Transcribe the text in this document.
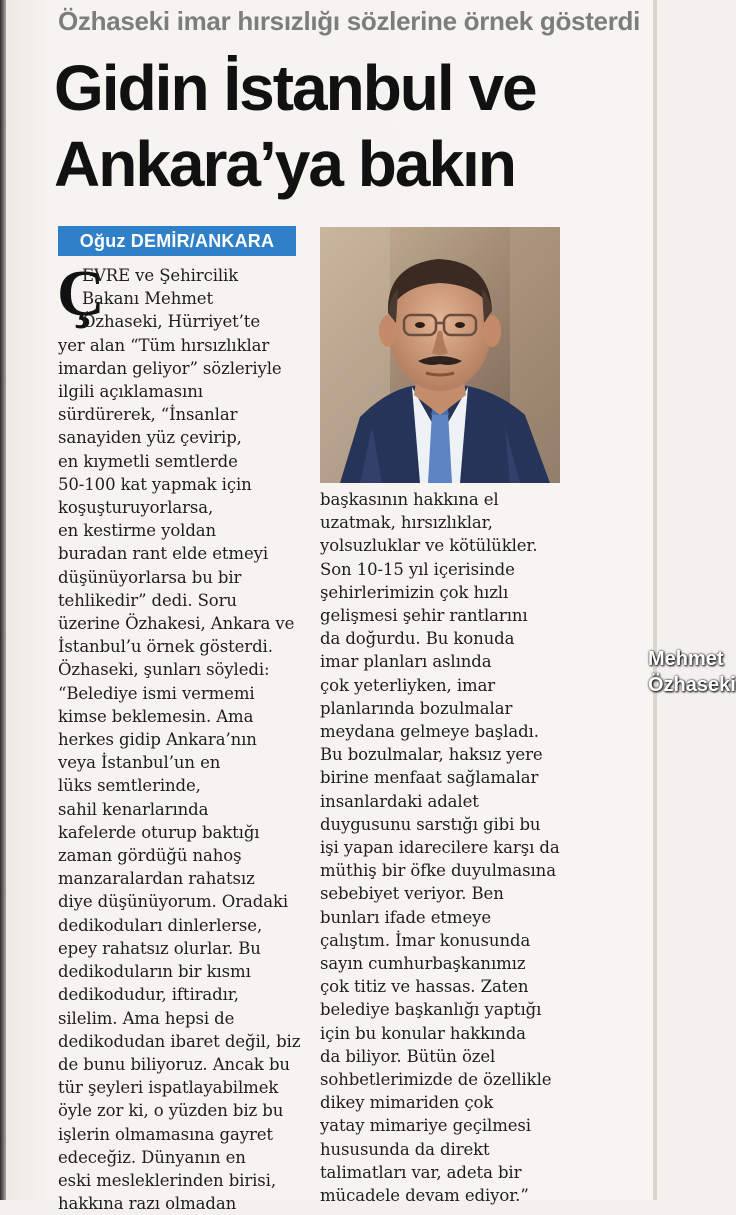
Özhaseki imar hırsızlığı sözlerine örnek gösterdi
Gidin İstanbul ve
Ankara’ya bakın
Oğuz DEMİR/ANKARA
Mehmet
Özhaseki
Ç
EVRE ve Şehircilik
Bakanı Mehmet
Özhaseki, Hürriyet’te
yer alan “Tüm hırsızlıklar
imardan geliyor” sözleriyle
ilgili açıklamasını
sürdürerek, “İnsanlar
sanayiden yüz çevirip,
en kıymetli semtlerde
50-100 kat yapmak için
koşuşturuyorlarsa,
en kestirme yoldan
buradan rant elde etmeyi
düşünüyorlarsa bu bir
tehlikedir” dedi. Soru
üzerine Özhakesi, Ankara ve
İstanbul’u örnek gösterdi.
Özhaseki, şunları söyledi:
“Belediye ismi vermemi
kimse beklemesin. Ama
herkes gidip Ankara’nın
veya İstanbul’un en
lüks semtlerinde,
sahil kenarlarında
kafelerde oturup baktığı
zaman gördüğü nahoş
manzaralardan rahatsız
diye düşünüyorum. Oradaki
dedikoduları dinlerlerse,
epey rahatsız olurlar. Bu
dedikoduların bir kısmı
dedikodudur, iftiradır,
silelim. Ama hepsi de
dedikodudan ibaret değil, biz
de bunu biliyoruz. Ancak bu
tür şeyleri ispatlayabilmek
öyle zor ki, o yüzden biz bu
işlerin olmamasına gayret
edeceğiz. Dünyanın en
eski mesleklerinden birisi,
hakkına razı olmadan
başkasının hakkına el
uzatmak, hırsızlıklar,
yolsuzluklar ve kötülükler.
Son 10-15 yıl içerisinde
şehirlerimizin çok hızlı
gelişmesi şehir rantlarını
da doğurdu. Bu konuda
imar planları aslında
çok yeterliyken, imar
planlarında bozulmalar
meydana gelmeye başladı.
Bu bozulmalar, haksız yere
birine menfaat sağlamalar
insanlardaki adalet
duygusunu sarstığı gibi bu
işi yapan idarecilere karşı da
müthiş bir öfke duyulmasına
sebebiyet veriyor. Ben
bunları ifade etmeye
çalıştım. İmar konusunda
sayın cumhurbaşkanımız
çok titiz ve hassas. Zaten
belediye başkanlığı yaptığı
için bu konular hakkında
da biliyor. Bütün özel
sohbetlerimizde de özellikle
dikey mimariden çok
yatay mimariye geçilmesi
hususunda da direkt
talimatları var, adeta bir
mücadele devam ediyor.”
